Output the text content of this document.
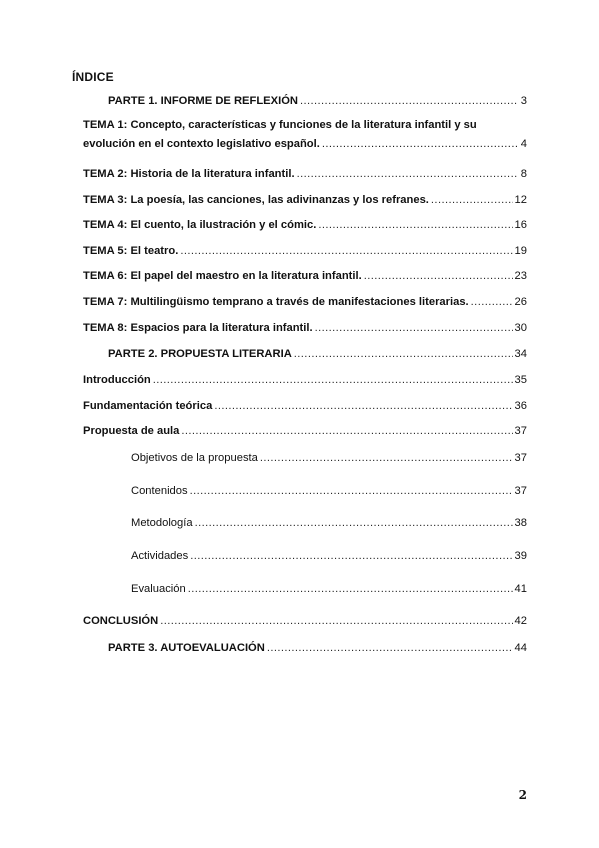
ÍNDICE
PARTE 1. INFORME DE REFLEXIÓN .....	3
TEMA 1: Concepto, características y funciones de la literatura infantil y su
evolución en el contexto legislativo español. .....	4
TEMA 2: Historia de la literatura infantil. .....	8
TEMA 3: La poesía, las canciones, las adivinanzas y los refranes. .....	12
TEMA 4: El cuento, la ilustración y el cómic. .....	16
TEMA 5: El teatro. .....	19
TEMA 6: El papel del maestro en la literatura infantil. .....	23
TEMA 7: Multilingüismo temprano a través de manifestaciones literarias. .....	26
TEMA 8: Espacios para la literatura infantil. .....	30
PARTE 2. PROPUESTA LITERARIA .....	34
Introducción .....	35
Fundamentación teórica .....	36
Propuesta de aula .....	37
Objetivos de la propuesta .....	37
Contenidos .....	37
Metodología .....	38
Actividades .....	39
Evaluación .....	41
CONCLUSIÓN .....	42
PARTE 3. AUTOEVALUACIÓN .....	44
2
